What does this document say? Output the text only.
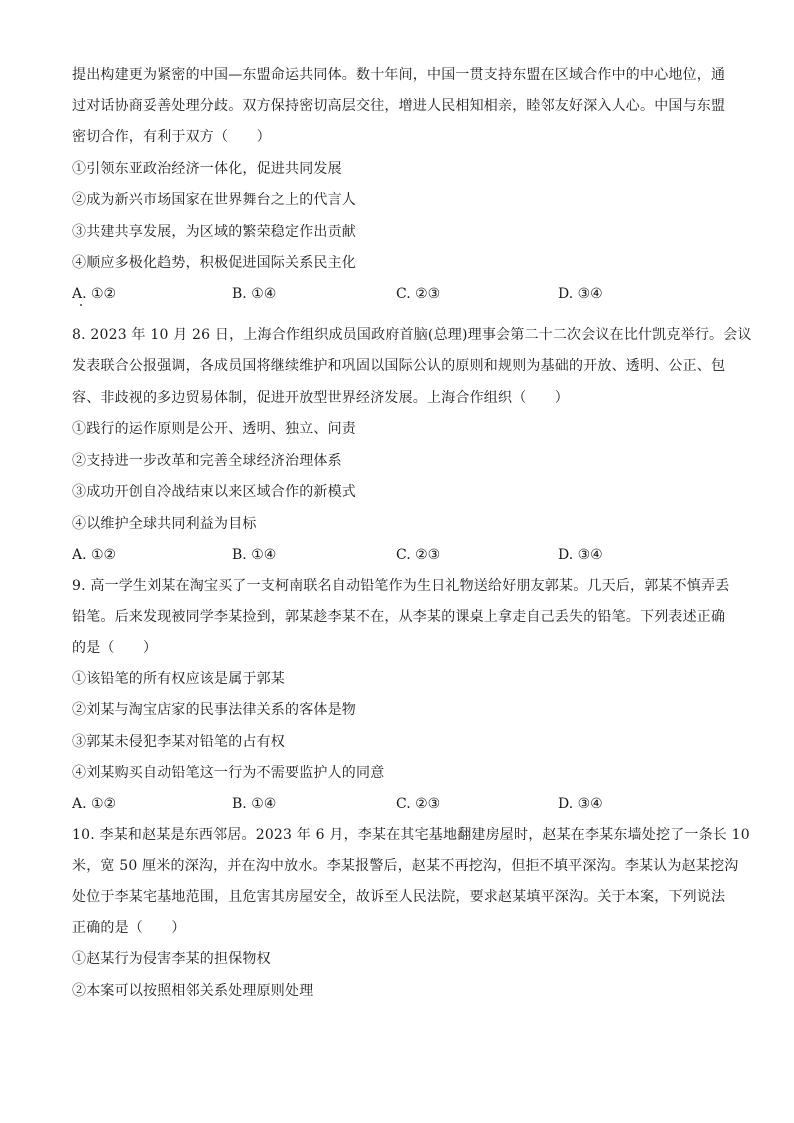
提出构建更为紧密的中国—东盟命运共同体。数十年间，中国一贯支持东盟在区域合作中的中心地位，通
过对话协商妥善处理分歧。双方保持密切高层交往，增进人民相知相亲，睦邻友好深入人心。中国与东盟
密切合作，有利于双方（　　）
①引领东亚政治经济一体化，促进共同发展
②成为新兴市场国家在世界舞台之上的代言人
③共建共享发展，为区域的繁荣稳定作出贡献
④顺应多极化趋势，积极促进国际关系民主化
A. ①②	B. ①④	C. ②③	D. ③④
8. 2023 年 10 月 26 日，上海合作组织成员国政府首脑(总理)理事会第二十二次会议在比什凯克举行。会议
发表联合公报强调，各成员国将继续维护和巩固以国际公认的原则和规则为基础的开放、透明、公正、包
容、非歧视的多边贸易体制，促进开放型世界经济发展。上海合作组织（　　）
①践行的运作原则是公开、透明、独立、问责
②支持进一步改革和完善全球经济治理体系
③成功开创自冷战结束以来区域合作的新模式
④以维护全球共同利益为目标
A. ①②	B. ①④	C. ②③	D. ③④
9. 高一学生刘某在淘宝买了一支柯南联名自动铅笔作为生日礼物送给好朋友郭某。几天后，郭某不慎弄丢
铅笔。后来发现被同学李某捡到，郭某趁李某不在，从李某的课桌上拿走自己丢失的铅笔。下列表述正确
的是（　　）
①该铅笔的所有权应该是属于郭某
②刘某与淘宝店家的民事法律关系的客体是物
③郭某未侵犯李某对铅笔的占有权
④刘某购买自动铅笔这一行为不需要监护人的同意
A. ①②	B. ①④	C. ②③	D. ③④
10. 李某和赵某是东西邻居。2023 年 6 月，李某在其宅基地翻建房屋时，赵某在李某东墙处挖了一条长 10
米，宽 50 厘米的深沟，并在沟中放水。李某报警后，赵某不再挖沟，但拒不填平深沟。李某认为赵某挖沟
处位于李某宅基地范围，且危害其房屋安全，故诉至人民法院，要求赵某填平深沟。关于本案，下列说法
正确的是（　　）
①赵某行为侵害李某的担保物权
②本案可以按照相邻关系处理原则处理
